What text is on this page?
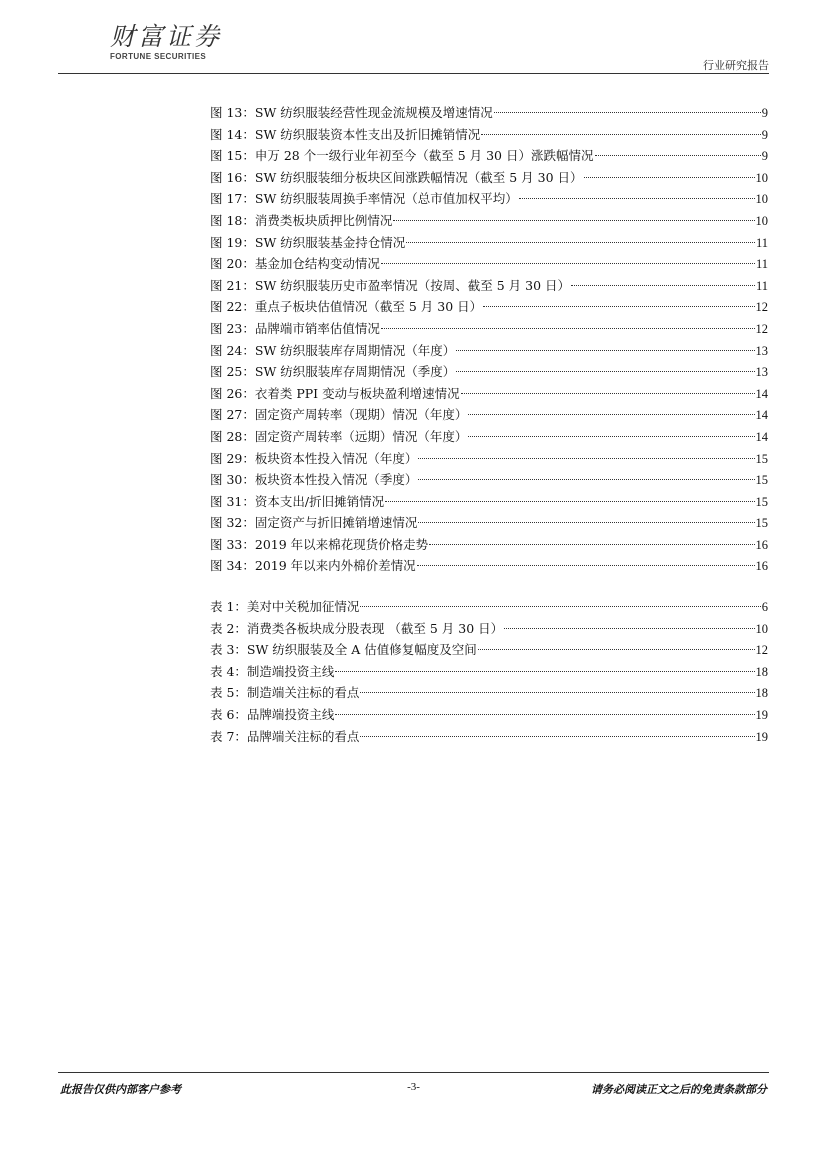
财富证券
FORTUNE SECURITIES
行业研究报告
图 13：SW 纺织服装经营性现金流规模及增速情况	9
图 14：SW 纺织服装资本性支出及折旧摊销情况	9
图 15：申万 28 个一级行业年初至今（截至 5 月 30 日）涨跌幅情况	9
图 16：SW 纺织服装细分板块区间涨跌幅情况（截至 5 月 30 日）	10
图 17：SW 纺织服装周换手率情况（总市值加权平均）	10
图 18：消费类板块质押比例情况	10
图 19：SW 纺织服装基金持仓情况	11
图 20：基金加仓结构变动情况	11
图 21：SW 纺织服装历史市盈率情况（按周、截至 5 月 30 日）	11
图 22：重点子板块估值情况（截至 5 月 30 日）	12
图 23：品牌端市销率估值情况	12
图 24：SW 纺织服装库存周期情况（年度）	13
图 25：SW 纺织服装库存周期情况（季度）	13
图 26：衣着类 PPI 变动与板块盈利增速情况	14
图 27：固定资产周转率（现期）情况（年度）	14
图 28：固定资产周转率（远期）情况（年度）	14
图 29：板块资本性投入情况（年度）	15
图 30：板块资本性投入情况（季度）	15
图 31：资本支出/折旧摊销情况	15
图 32：固定资产与折旧摊销增速情况	15
图 33：2019 年以来棉花现货价格走势	16
图 34：2019 年以来内外棉价差情况	16
表 1：美对中关税加征情况	6
表 2：消费类各板块成分股表现 （截至 5 月 30 日）	10
表 3：SW 纺织服装及全 A 估值修复幅度及空间	12
表 4：制造端投资主线	18
表 5：制造端关注标的看点	18
表 6：品牌端投资主线	19
表 7：品牌端关注标的看点	19
此报告仅供内部客户参考	-3-	请务必阅读正文之后的免责条款部分
